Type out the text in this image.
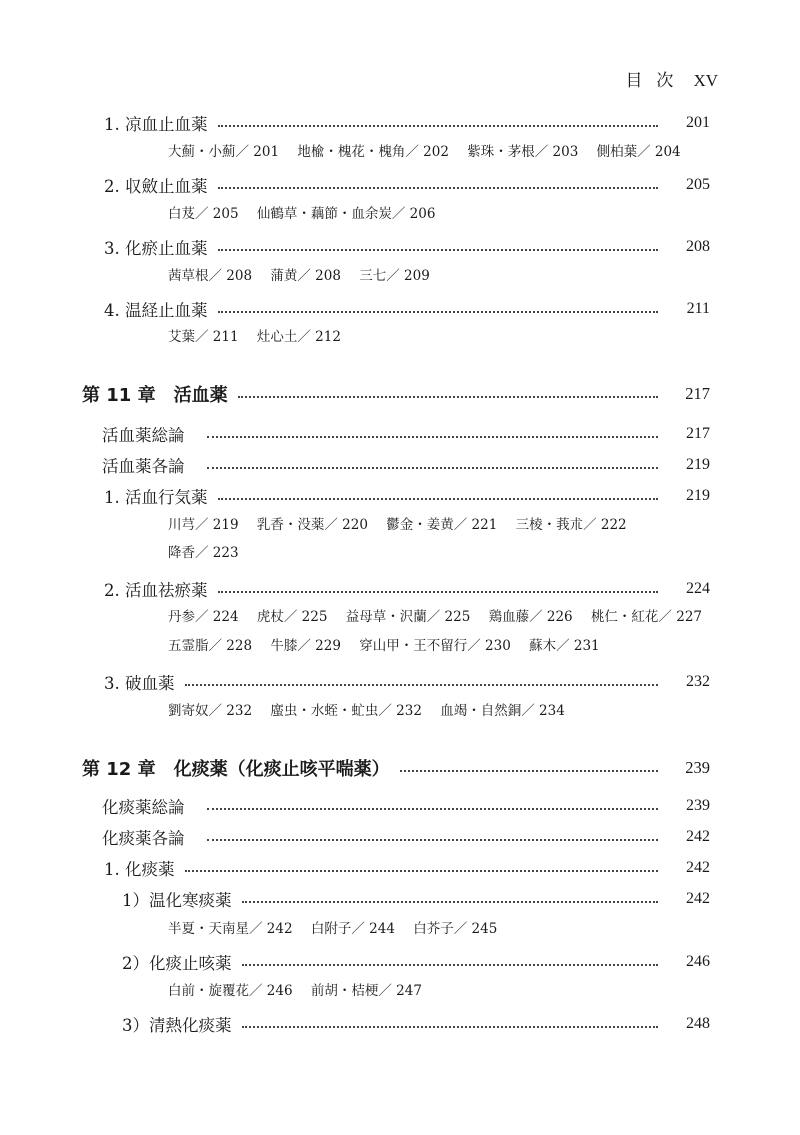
目次 XV
1. 凉血止血薬	201
大薊・小薊／ 201 地楡・槐花・槐角／ 202 紫珠・茅根／ 203 側柏葉／ 204
2. 収斂止血薬	205
白芨／ 205 仙鶴草・藕節・血余炭／ 206
3. 化瘀止血薬	208
茜草根／ 208 蒲黄／ 208 三七／ 209
4. 温経止血薬	211
艾葉／ 211 灶心土／ 212
第 11 章　活血薬	217
活血薬総論	217
活血薬各論	219
1. 活血行気薬	219
川芎／ 219 乳香・没薬／ 220 鬱金・姜黄／ 221 三棱・莪朮／ 222
降香／ 223
2. 活血祛瘀薬	224
丹参／ 224 虎杖／ 225 益母草・沢蘭／ 225 鶏血藤／ 226 桃仁・紅花／ 227
五霊脂／ 228 牛膝／ 229 穿山甲・王不留行／ 230 蘇木／ 231
3. 破血薬	232
劉寄奴／ 232 䗪虫・水蛭・虻虫／ 232 血竭・自然銅／ 234
第 12 章　化痰薬（化痰止咳平喘薬）	239
化痰薬総論	239
化痰薬各論	242
1. 化痰薬	242
1）温化寒痰薬	242
半夏・天南星／ 242 白附子／ 244 白芥子／ 245
2）化痰止咳薬	246
白前・旋覆花／ 246 前胡・桔梗／ 247
3）清熱化痰薬	248
